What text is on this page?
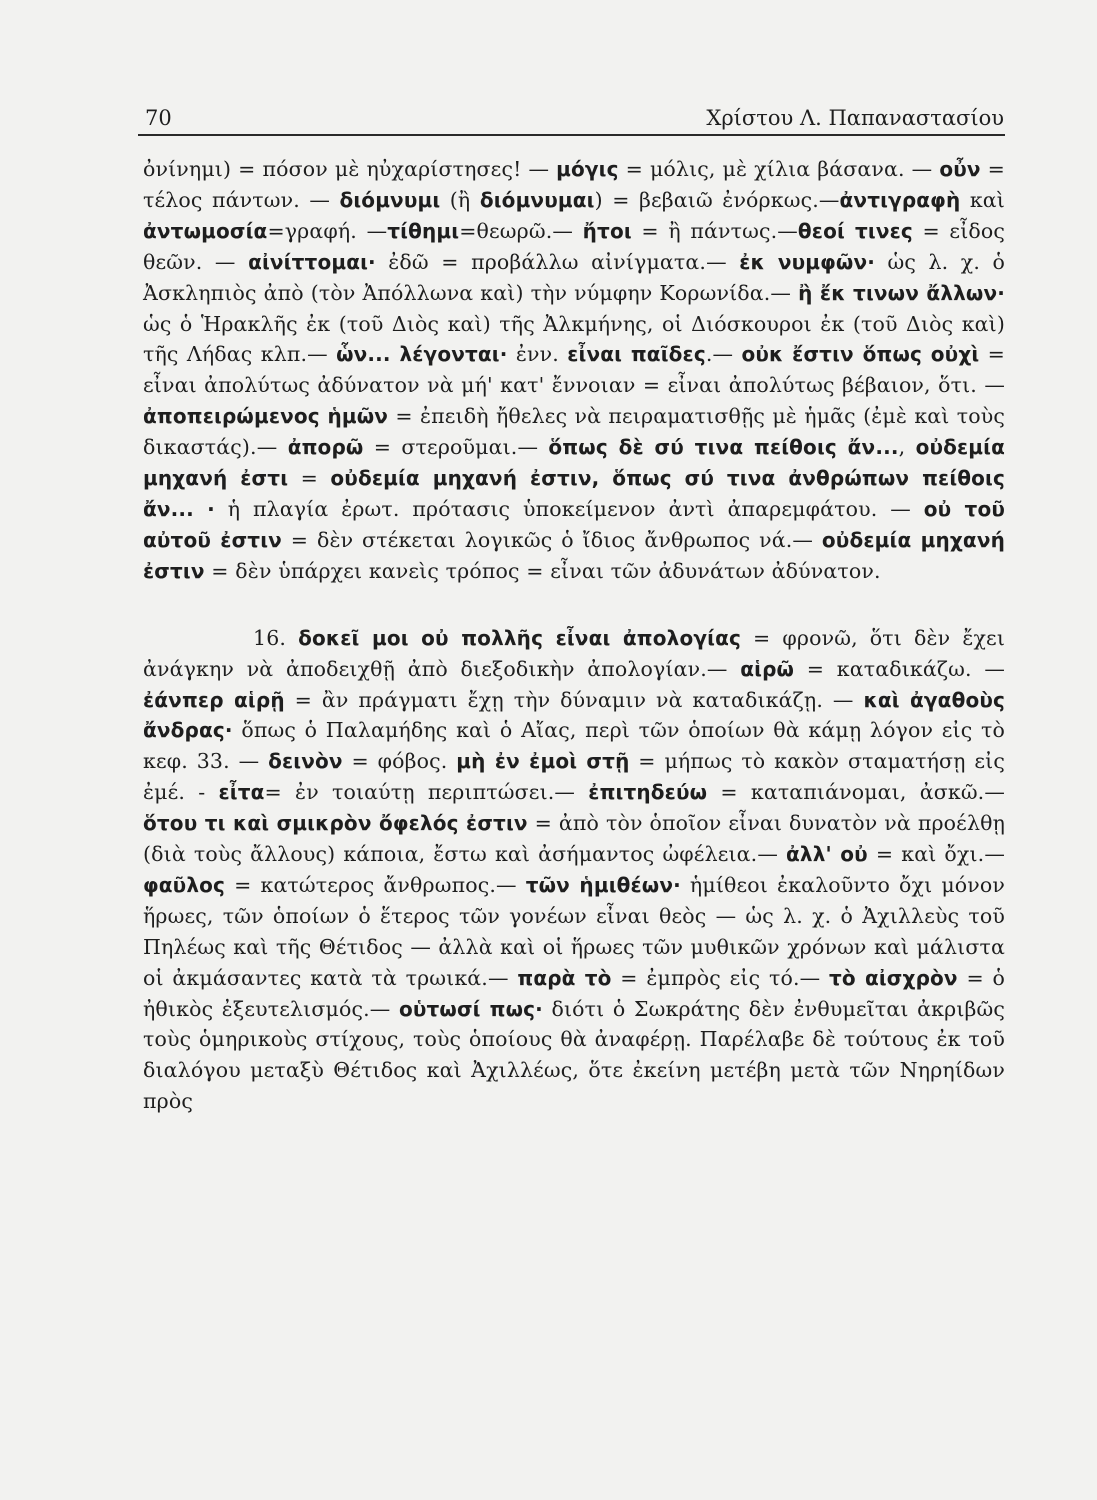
70	Χρίστου Λ. Παπαναστασίου

ὀνίνημι) = πόσον μὲ ηὐχαρίστησες! — μόγις = μόλις, μὲ χίλια βάσανα. — οὖν = τέλος πάντων. — διόμνυμι (ἢ διόμνυμαι) = βεβαιῶ ἐνόρκως.—ἀντιγραφὴ καὶ ἀντωμοσία=γραφή. —τίθημι=θεωρῶ.— ἤτοι = ἢ πάντως.—θεοί τινες = εἶδος θεῶν. — αἰνίττομαι· ἐδῶ = προβάλλω αἰνίγματα.— ἐκ νυμφῶν· ὡς λ. χ. ὁ Ἀσκληπιὸς ἀπὸ (τὸν Ἀπόλλωνα καὶ) τὴν νύμφην Κορωνίδα.— ἢ ἔκ τινων ἄλλων· ὡς ὁ Ἡρακλῆς ἐκ (τοῦ Διὸς καὶ) τῆς Ἀλκμήνης, οἱ Διόσκουροι ἐκ (τοῦ Διὸς καὶ) τῆς Λήδας κλπ.— ὧν... λέγονται· ἐνν. εἶναι παῖδες.— οὐκ ἔστιν ὅπως οὐχὶ = εἶναι ἀπολύτως ἀδύνατον νὰ μή' κατ' ἔννοιαν = εἶναι ἀπολύτως βέβαιον, ὅτι. — ἀποπειρώμενος ἡμῶν = ἐπειδὴ ἤθελες νὰ πειραματισθῇς μὲ ἡμᾶς (ἐμὲ καὶ τοὺς δικαστάς).— ἀπορῶ = στεροῦμαι.— ὅπως δὲ σύ τινα πείθοις ἄν..., οὐδεμία μηχανή ἐστι = οὐδεμία μηχανή ἐστιν, ὅπως σύ τινα ἀνθρώπων πείθοις ἄν... · ἡ πλαγία ἐρωτ. πρότασις ὑποκείμενον ἀντὶ ἀπαρεμφάτου. — οὐ τοῦ αὐτοῦ ἐστιν = δὲν στέκεται λογικῶς ὁ ἴδιος ἄνθρωπος νά.— οὐδεμία μηχανή ἐστιν = δὲν ὑπάρχει κανεὶς τρόπος = εἶναι τῶν ἀδυνάτων ἀδύνατον.

16. δοκεῖ μοι οὐ πολλῆς εἶναι ἀπολογίας = φρονῶ, ὅτι δὲν ἔχει ἀνάγκην νὰ ἀποδειχθῇ ἀπὸ διεξοδικὴν ἀπολογίαν.— αἱρῶ = καταδικάζω. — ἐάνπερ αἱρῇ = ἂν πράγματι ἔχῃ τὴν δύναμιν νὰ καταδικάζῃ. — καὶ ἀγαθοὺς ἄνδρας· ὅπως ὁ Παλαμήδης καὶ ὁ Αἴας, περὶ τῶν ὁποίων θὰ κάμῃ λόγον εἰς τὸ κεφ. 33. — δεινὸν = φόβος. μὴ ἐν ἐμοὶ στῇ = μήπως τὸ κακὸν σταματήσῃ εἰς ἐμέ. - εἶτα= ἐν τοιαύτῃ περιπτώσει.— ἐπιτηδεύω = καταπιάνομαι, ἀσκῶ.— ὅτου τι καὶ σμικρὸν ὄφελός ἐστιν = ἀπὸ τὸν ὁποῖον εἶναι δυνατὸν νὰ προέλθῃ (διὰ τοὺς ἄλλους) κάποια, ἔστω καὶ ἀσήμαντος ὠφέλεια.— ἀλλ' οὐ = καὶ ὄχι.— φαῦλος = κατώτερος ἄνθρωπος.— τῶν ἡμιθέων· ἡμίθεοι ἐκαλοῦντο ὄχι μόνον ἥρωες, τῶν ὁποίων ὁ ἕτερος τῶν γονέων εἶναι θεὸς — ὡς λ. χ. ὁ Ἀχιλλεὺς τοῦ Πηλέως καὶ τῆς Θέτιδος — ἀλλὰ καὶ οἱ ἥρωες τῶν μυθικῶν χρόνων καὶ μάλιστα οἱ ἀκμάσαντες κατὰ τὰ τρωικά.— παρὰ τὸ = ἐμπρὸς εἰς τό.— τὸ αἰσχρὸν = ὁ ἠθικὸς ἐξευτελισμός.— οὑτωσί πως· διότι ὁ Σωκράτης δὲν ἐνθυμεῖται ἀκριβῶς τοὺς ὁμηρικοὺς στίχους, τοὺς ὁποίους θὰ ἀναφέρῃ. Παρέλαβε δὲ τούτους ἐκ τοῦ διαλόγου μεταξὺ Θέτιδος καὶ Ἀχιλλέως, ὅτε ἐκείνη μετέβη μετὰ τῶν Νηρηίδων πρὸς
